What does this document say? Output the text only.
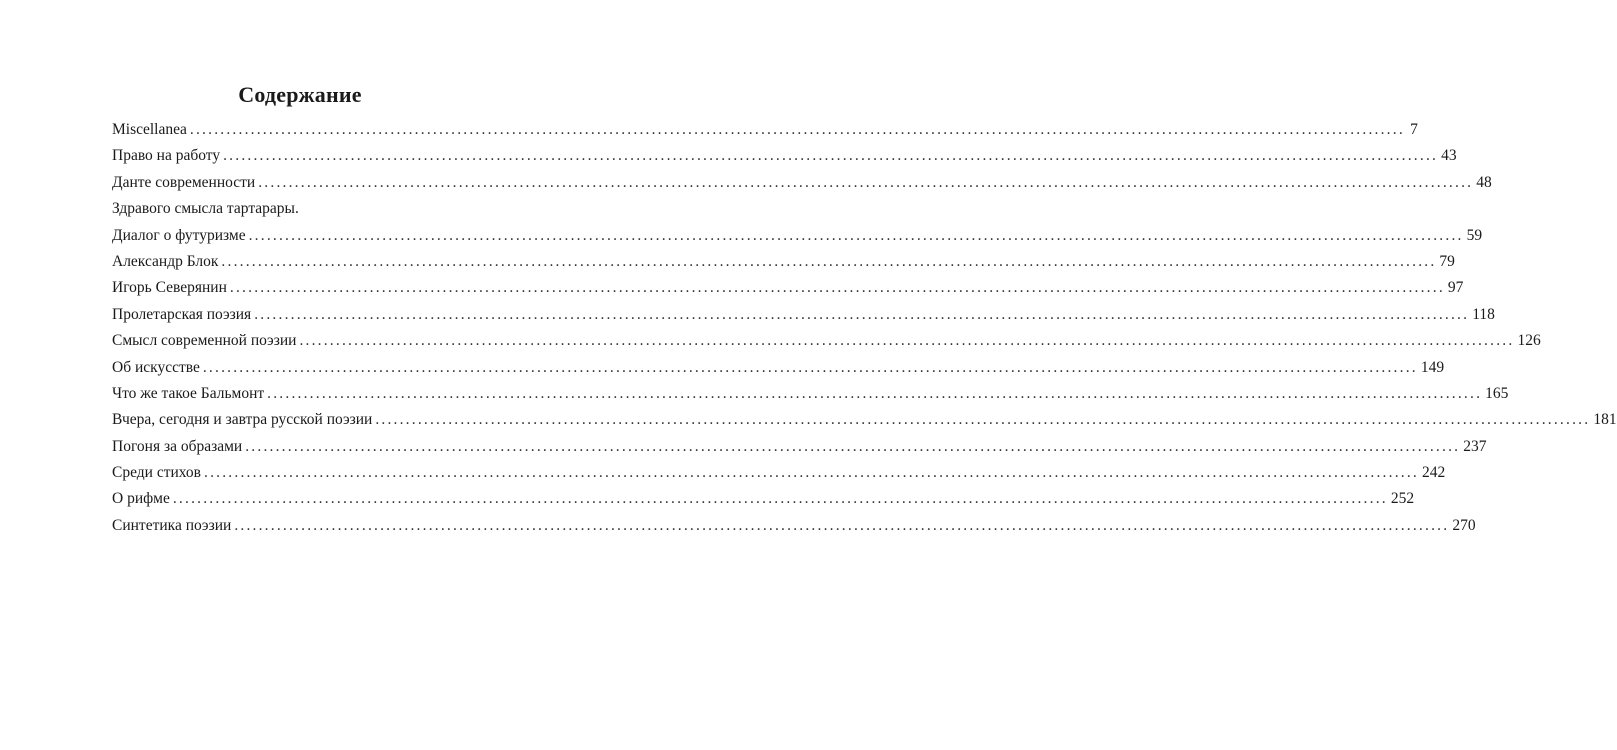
Содержание
Miscellanea ........................................................................................................................................................................................................ 7
Право на работу ........................................................................................................................................................................................................ 43
Данте современности ........................................................................................................................................................................................................ 48
Здравого смысла тартарары.
Диалог о футуризме ........................................................................................................................................................................................................ 59
Александр Блок ........................................................................................................................................................................................................ 79
Игорь Северянин ........................................................................................................................................................................................................ 97
Пролетарская поэзия ........................................................................................................................................................................................................ 118
Смысл современной поэзии ........................................................................................................................................................................................................ 126
Об искусстве ........................................................................................................................................................................................................ 149
Что же такое Бальмонт ........................................................................................................................................................................................................ 165
Вчера, сегодня и завтра русской поэзии ........................................................................................................................................................................................................ 181
Погоня за образами ........................................................................................................................................................................................................ 237
Среди стихов ........................................................................................................................................................................................................ 242
О рифме ........................................................................................................................................................................................................ 252
Синтетика поэзии ........................................................................................................................................................................................................ 270
